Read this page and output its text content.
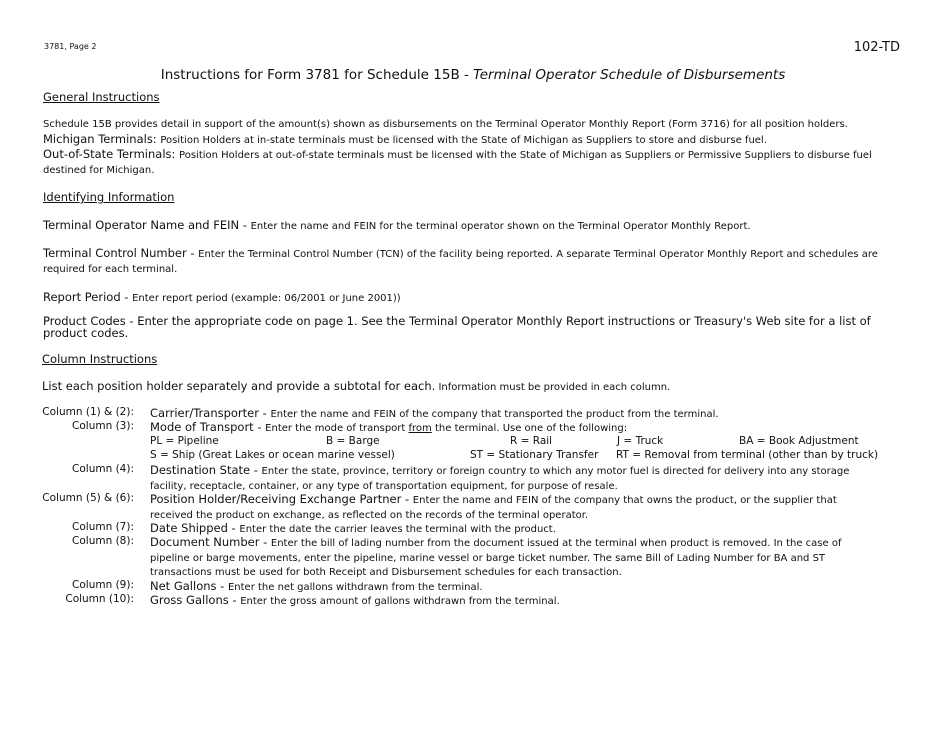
3781, Page 2	102-TD
Instructions for Form 3781 for Schedule 15B - Terminal Operator Schedule of Disbursements
General Instructions
Schedule 15B provides detail in support of the amount(s) shown as disbursements on the Terminal Operator Monthly Report (Form 3716) for all position holders.
Michigan Terminals: Position Holders at in-state terminals must be licensed with the State of Michigan as Suppliers to store and disburse fuel.
Out-of-State Terminals: Position Holders at out-of-state terminals must be licensed with the State of Michigan as Suppliers or Permissive Suppliers to disburse fuel destined for Michigan.
Identifying Information
Terminal Operator Name and FEIN - Enter the name and FEIN for the terminal operator shown on the Terminal Operator Monthly Report.
Terminal Control Number - Enter the Terminal Control Number (TCN) of the facility being reported. A separate Terminal Operator Monthly Report and schedules are required for each terminal.
Report Period - Enter report period (example: 06/2001 or June 2001))
Product Codes - Enter the appropriate code on page 1. See the Terminal Operator Monthly Report instructions or Treasury's Web site for a list of product codes.
Column Instructions
List each position holder separately and provide a subtotal for each. Information must be provided in each column.
Column (1) & (2): Carrier/Transporter - Enter the name and FEIN of the company that transported the product from the terminal.
Column (3): Mode of Transport - Enter the mode of transport from the terminal. Use one of the following:
PL = Pipeline	B = Barge	R = Rail	J = Truck	BA = Book Adjustment
S = Ship (Great Lakes or ocean marine vessel)	ST = Stationary Transfer RT = Removal from terminal (other than by truck)
Column (4): Destination State - Enter the state, province, territory or foreign country to which any motor fuel is directed for delivery into any storage facility, receptacle, container, or any type of transportation equipment, for purpose of resale.
Column (5) & (6): Position Holder/Receiving Exchange Partner - Enter the name and FEIN of the company that owns the product, or the supplier that received the product on exchange, as reflected on the records of the terminal operator.
Column (7): Date Shipped - Enter the date the carrier leaves the terminal with the product.
Column (8): Document Number - Enter the bill of lading number from the document issued at the terminal when product is removed. In the case of pipeline or barge movements, enter the pipeline, marine vessel or barge ticket number. The same Bill of Lading Number for BA and ST transactions must be used for both Receipt and Disbursement schedules for each transaction.
Column (9): Net Gallons - Enter the net gallons withdrawn from the terminal.
Column (10): Gross Gallons - Enter the gross amount of gallons withdrawn from the terminal.
